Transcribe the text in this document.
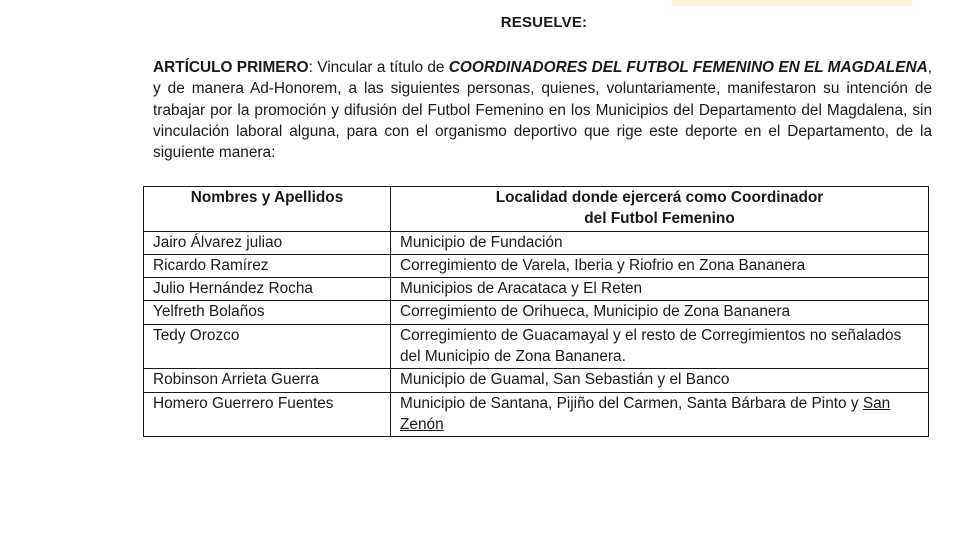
RESUELVE:
ARTÍCULO PRIMERO: Vincular a título de COORDINADORES DEL FUTBOL FEMENINO EN EL MAGDALENA, y de manera Ad-Honorem, a las siguientes personas, quienes, voluntariamente, manifestaron su intención de trabajar por la promoción y difusión del Futbol Femenino en los Municipios del Departamento del Magdalena, sin vinculación laboral alguna, para con el organismo deportivo que rige este deporte en el Departamento, de la siguiente manera:
Nombres y Apellidos	Localidad donde ejercerá como Coordinador
del Futbol Femenino
Jairo Álvarez juliao	Municipio de Fundación
Ricardo Ramírez	Corregimiento de Varela, Iberia y Riofrio en Zona Bananera
Julio Hernández Rocha	Municipios de Aracataca y El Reten
Yelfreth Bolaños	Corregimiento de Orihueca, Municipio de Zona Bananera
Tedy Orozco	Corregimiento de Guacamayal y el resto de Corregimientos no señalados del Municipio de Zona Bananera.
Robinson Arrieta Guerra	Municipio de Guamal, San Sebastián y el Banco
Homero Guerrero Fuentes	Municipio de Santana, Pijiño del Carmen, Santa Bárbara de Pinto y San Zenón
